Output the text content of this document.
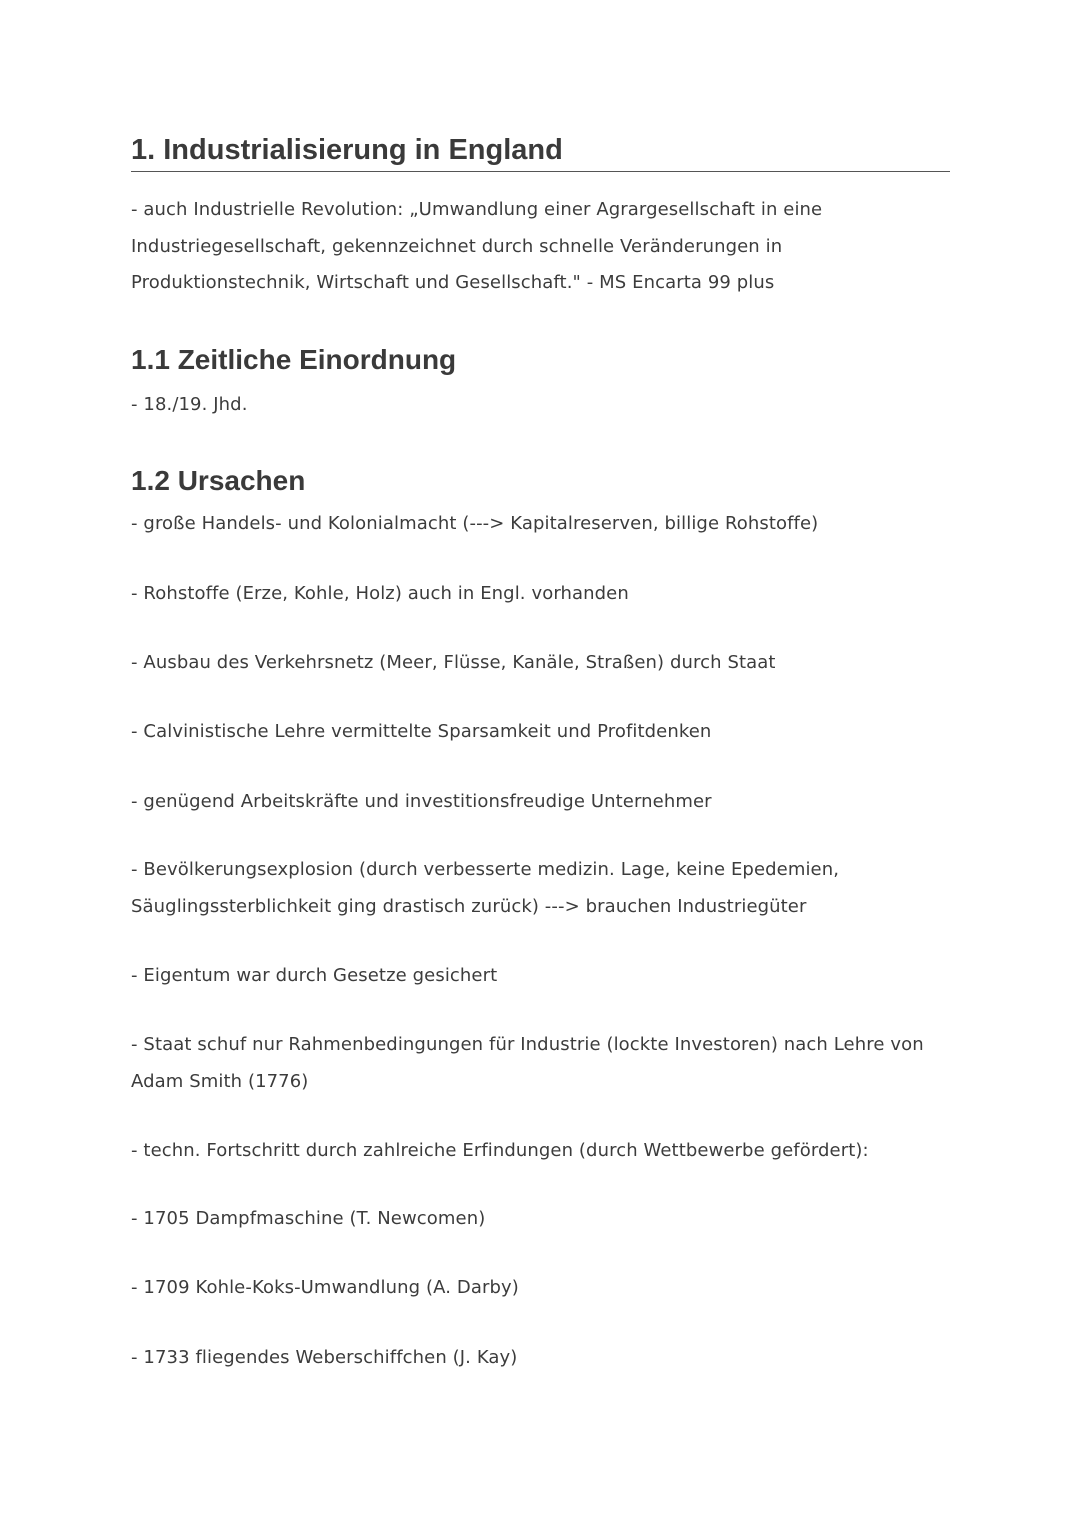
1. Industrialisierung in England

- auch Industrielle Revolution: „Umwandlung einer Agrargesellschaft in eine Industriegesellschaft, gekennzeichnet durch schnelle Veränderungen in Produktionstechnik, Wirtschaft und Gesellschaft." - MS Encarta 99 plus

1.1 Zeitliche Einordnung

- 18./19. Jhd.

1.2 Ursachen

- große Handels- und Kolonialmacht (---> Kapitalreserven, billige Rohstoffe)

- Rohstoffe (Erze, Kohle, Holz) auch in Engl. vorhanden

- Ausbau des Verkehrsnetz (Meer, Flüsse, Kanäle, Straßen) durch Staat

- Calvinistische Lehre vermittelte Sparsamkeit und Profitdenken

- genügend Arbeitskräfte und investitionsfreudige Unternehmer

- Bevölkerungsexplosion (durch verbesserte medizin. Lage, keine Epedemien, Säuglingssterblichkeit ging drastisch zurück) ---> brauchen Industriegüter

- Eigentum war durch Gesetze gesichert

- Staat schuf nur Rahmenbedingungen für Industrie (lockte Investoren) nach Lehre von Adam Smith (1776)

- techn. Fortschritt durch zahlreiche Erfindungen (durch Wettbewerbe gefördert):

- 1705 Dampfmaschine (T. Newcomen)

- 1709 Kohle-Koks-Umwandlung (A. Darby)

- 1733 fliegendes Weberschiffchen (J. Kay)
